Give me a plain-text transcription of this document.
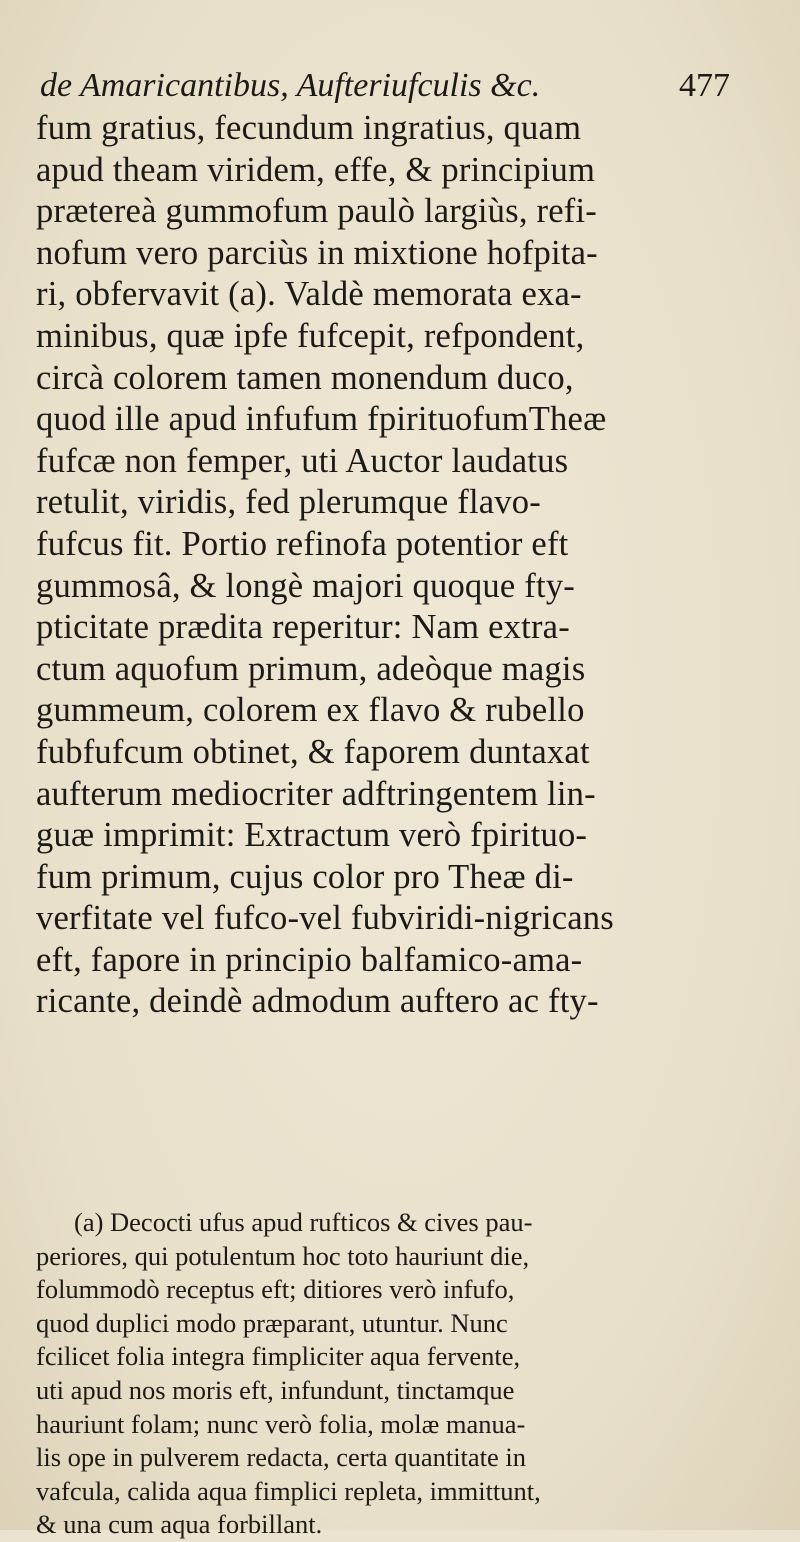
de Amaricantibus, Aufteriufculis &c.	477
fum gratius, fecundum ingratius, quam
apud theam viridem, effe, & principium
prætereà gummofum paulò largiùs, refi-
nofum vero parciùs in mixtione hofpita-
ri, obfervavit (a). Valdè memorata exa-
minibus, quæ ipfe fufcepit, refpondent,
circà colorem tamen monendum duco,
quod ille apud infufum fpirituofumTheæ
fufcæ non femper, uti Auctor laudatus
retulit, viridis, fed plerumque flavo-
fufcus fit. Portio refinofa potentior eft
gummosâ, & longè majori quoque fty-
pticitate prædita reperitur: Nam extra-
ctum aquofum primum, adeòque magis
gummeum, colorem ex flavo & rubello
fubfufcum obtinet, & faporem duntaxat
aufterum mediocriter adftringentem lin-
guæ imprimit: Extractum verò fpirituo-
fum primum, cujus color pro Theæ di-
verfitate vel fufco-vel fubviridi-nigricans
eft, fapore in principio balfamico-ama-
ricante, deindè admodum auftero ac fty-
(a) Decocti ufus apud rufticos & cives pau-
periores, qui potulentum hoc toto hauriunt die,
folummodò receptus eft; ditiores verò infufo,
quod duplici modo præparant, utuntur. Nunc
fcilicet folia integra fimpliciter aqua fervente,
uti apud nos moris eft, infundunt, tinctamque
hauriunt folam; nunc verò folia, molæ manua-
lis ope in pulverem redacta, certa quantitate in
vafcula, calida aqua fimplici repleta, immittunt,
& una cum aqua forbillant.
